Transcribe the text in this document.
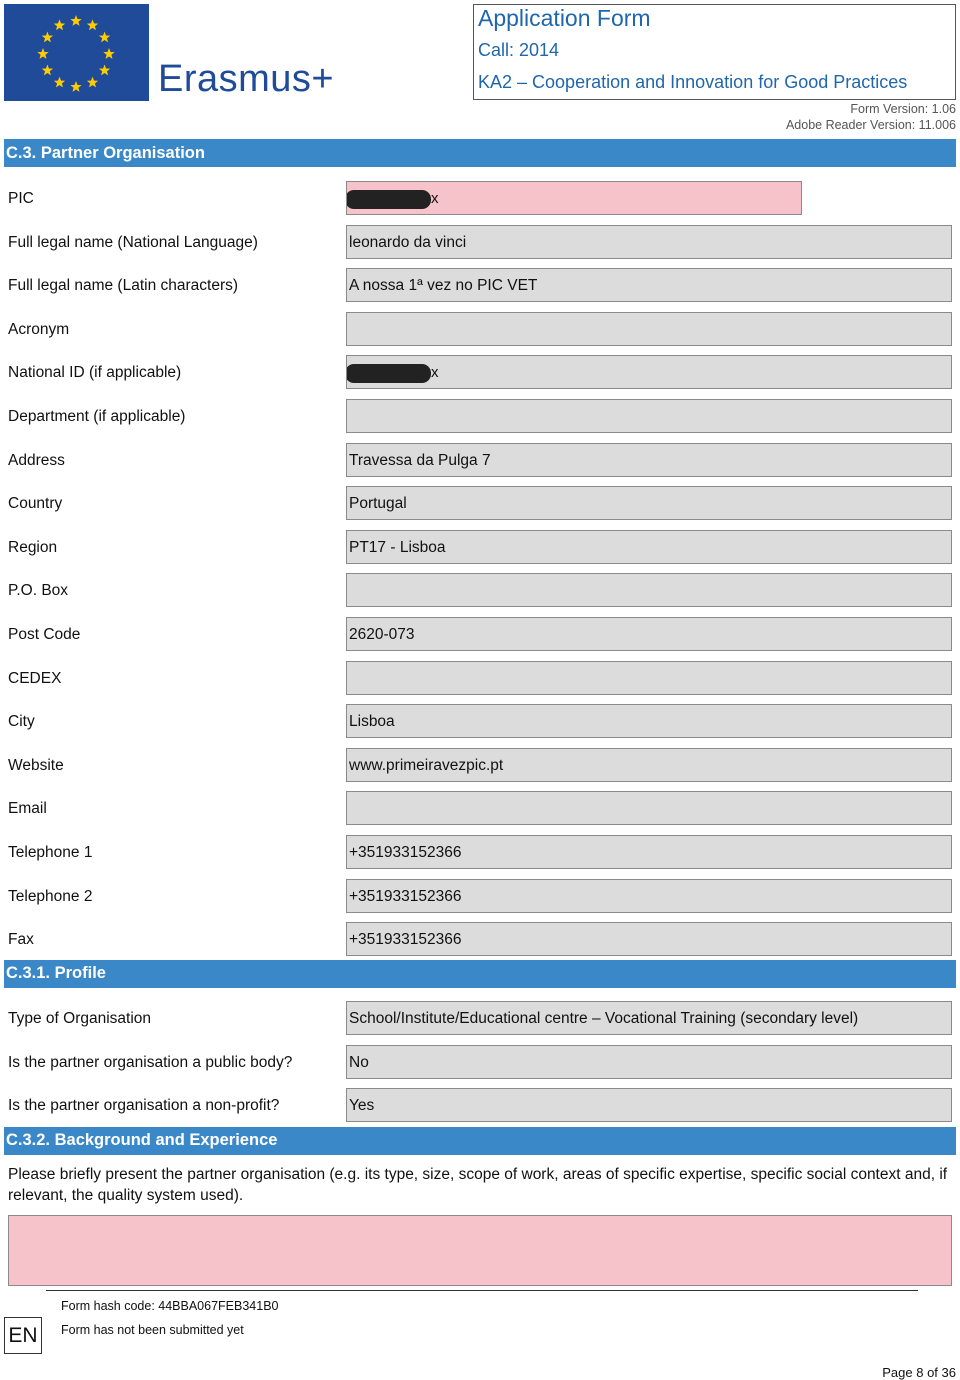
Erasmus+
Application Form
Call: 2014
KA2 – Cooperation and Innovation for Good Practices
Form Version: 1.06
Adobe Reader Version: 11.006
C.3. Partner Organisation
PIC	x
Full legal name (National Language)	leonardo da vinci
Full legal name (Latin characters)	A nossa 1ª vez no PIC VET
Acronym
National ID (if applicable)	x
Department (if applicable)
Address	Travessa da Pulga 7
Country	Portugal
Region	PT17 - Lisboa
P.O. Box
Post Code	2620-073
CEDEX
City	Lisboa
Website	www.primeiravezpic.pt
Email
Telephone 1	+351933152366
Telephone 2	+351933152366
Fax	+351933152366
C.3.1. Profile
Type of Organisation	School/Institute/Educational centre – Vocational Training (secondary level)
Is the partner organisation a public body?	No
Is the partner organisation a non-profit?	Yes
C.3.2. Background and Experience
Please briefly present the partner organisation (e.g. its type, size, scope of work, areas of specific expertise, specific social context and, if relevant, the quality system used).
EN
Form hash code: 44BBA067FEB341B0
Form has not been submitted yet
Page 8 of 36
